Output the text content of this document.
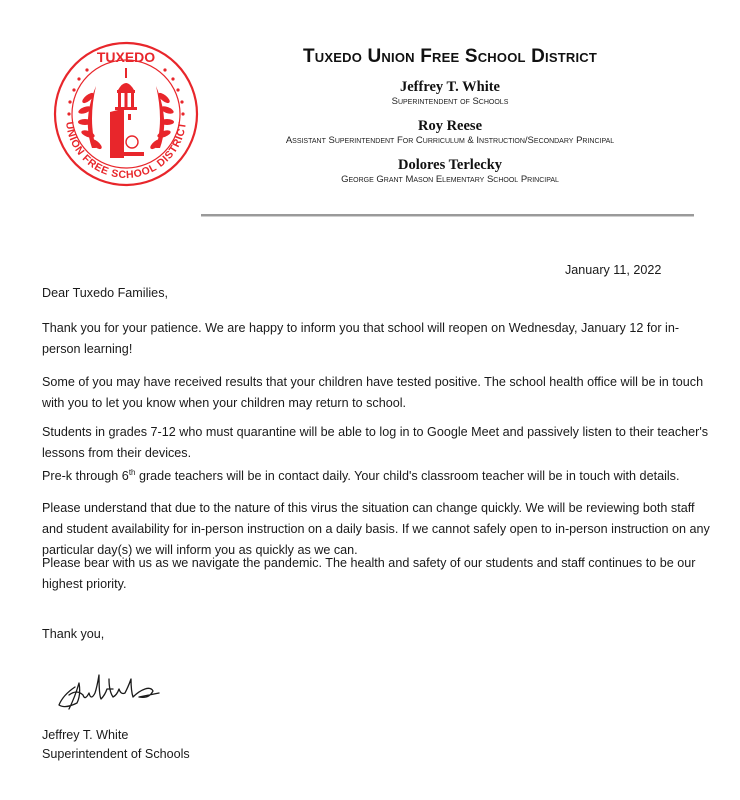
TUXEDO
UNION FREE SCHOOL DISTRICT
Tuxedo Union Free School District
Jeffrey T. White
Superintendent of Schools
Roy Reese
Assistant Superintendent For Curriculum & Instruction/Secondary Principal
Dolores Terlecky
George Grant Mason Elementary School Principal
January 11, 2022
Dear Tuxedo Families,

Thank you for your patience. We are happy to inform you that school will reopen on Wednesday, January 12 for in-person learning!

Some of you may have received results that your children have tested positive. The school health office will be in touch with you to let you know when your children may return to school.

Students in grades 7-12 who must quarantine will be able to log in to Google Meet and passively listen to their teacher's lessons from their devices.

Pre-k through 6th grade teachers will be in contact daily. Your child's classroom teacher will be in touch with details.

Please understand that due to the nature of this virus the situation can change quickly. We will be reviewing both staff and student availability for in-person instruction on a daily basis. If we cannot safely open to in-person instruction on any particular day(s) we will inform you as quickly as we can.

Please bear with us as we navigate the pandemic. The health and safety of our students and staff continues to be our highest priority.

Thank you,
Jeffrey T. White
Superintendent of Schools
